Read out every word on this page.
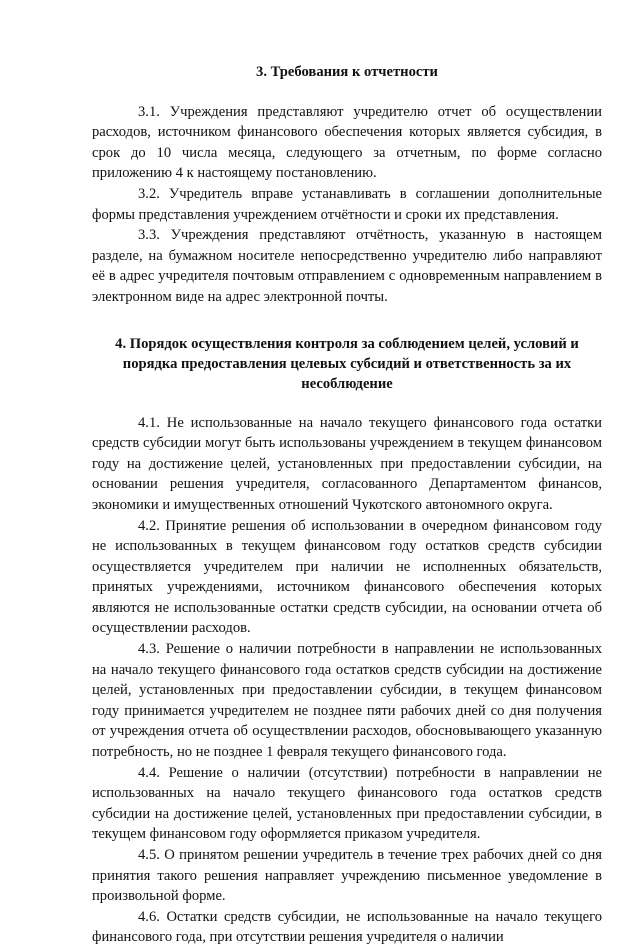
3. Требования к отчетности

3.1. Учреждения представляют учредителю отчет об осуществлении расходов, источником финансового обеспечения которых является субсидия, в срок до 10 числа месяца, следующего за отчетным, по форме согласно приложению 4 к настоящему постановлению.

3.2. Учредитель вправе устанавливать в соглашении дополнительные формы представления учреждением отчётности и сроки их представления.

3.3. Учреждения представляют отчётность, указанную в настоящем разделе, на бумажном носителе непосредственно учредителю либо направляют её в адрес учредителя почтовым отправлением с одновременным направлением в электронном виде на адрес электронной почты.

4. Порядок осуществления контроля за соблюдением целей, условий и порядка предоставления целевых субсидий и ответственность за их несоблюдение

4.1. Не использованные на начало текущего финансового года остатки средств субсидии могут быть использованы учреждением в текущем финансовом году на достижение целей, установленных при предоставлении субсидии, на основании решения учредителя, согласованного Департаментом финансов, экономики и имущественных отношений Чукотского автономного округа.

4.2. Принятие решения об использовании в очередном финансовом году не использованных в текущем финансовом году остатков средств субсидии осуществляется учредителем при наличии не исполненных обязательств, принятых учреждениями, источником финансового обеспечения которых являются не использованные остатки средств субсидии, на основании отчета об осуществлении расходов.

4.3. Решение о наличии потребности в направлении не использованных на начало текущего финансового года остатков средств субсидии на достижение целей, установленных при предоставлении субсидии, в текущем финансовом году принимается учредителем не позднее пяти рабочих дней со дня получения от учреждения отчета об осуществлении расходов, обосновывающего указанную потребность, но не позднее 1 февраля текущего финансового года.

4.4. Решение о наличии (отсутствии) потребности в направлении не использованных на начало текущего финансового года остатков средств субсидии на достижение целей, установленных при предоставлении субсидии, в текущем финансовом году оформляется приказом учредителя.

4.5. О принятом решении учредитель в течение трех рабочих дней со дня принятия такого решения направляет учреждению письменное уведомление в произвольной форме.

4.6. Остатки средств субсидии, не использованные на начало текущего финансового года, при отсутствии решения учредителя о наличии
